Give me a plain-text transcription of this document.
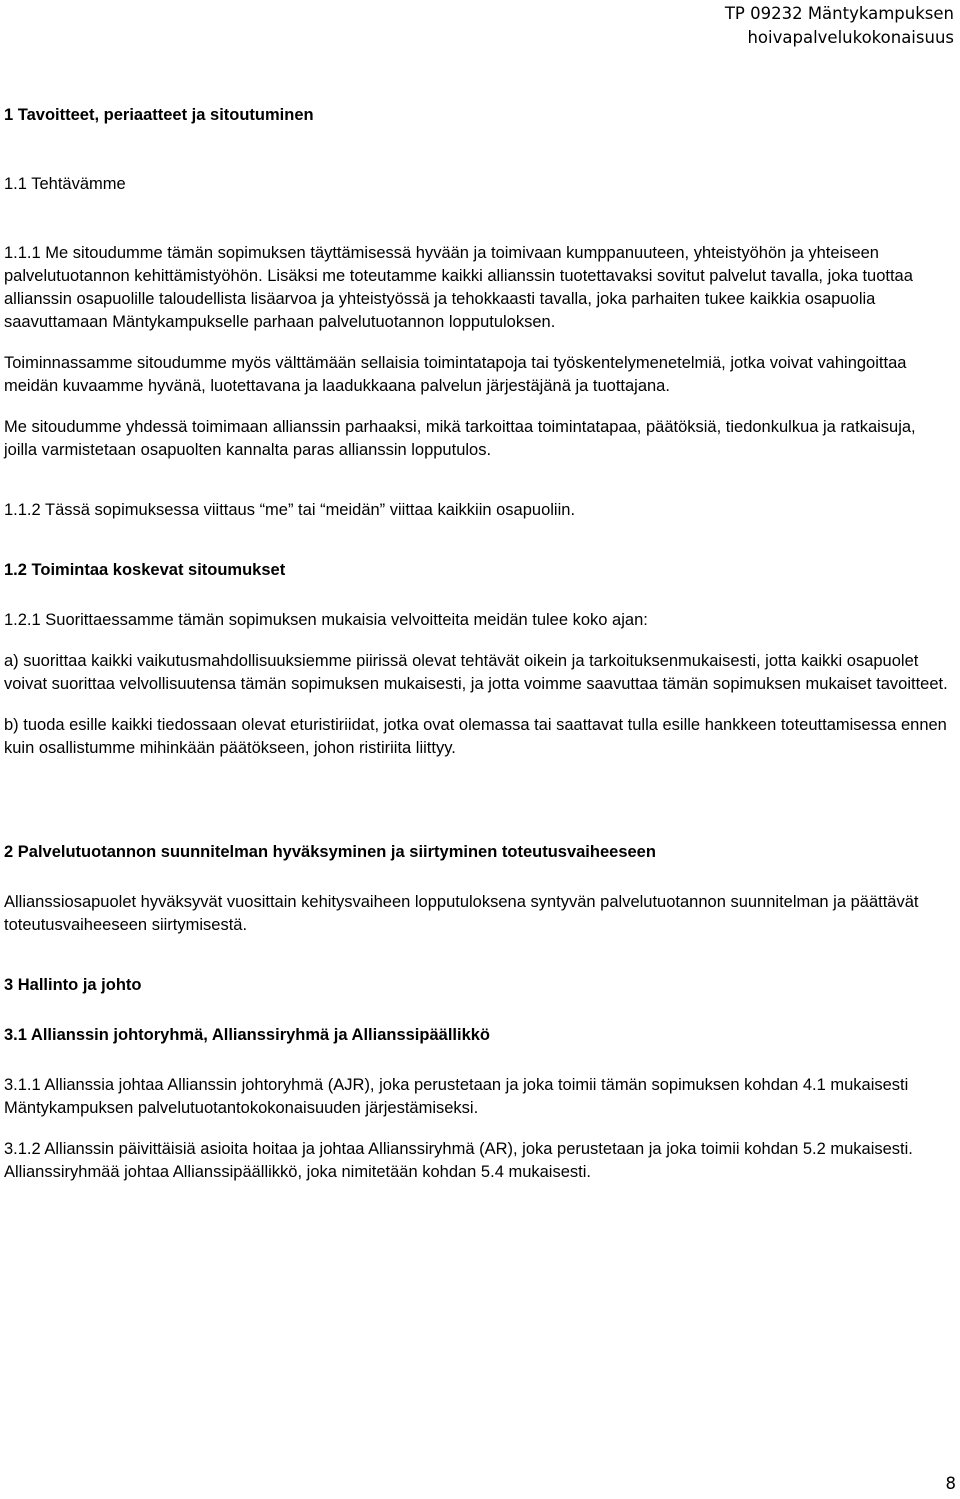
TP 09232 Mäntykampuksen
hoivapalvelukokonaisuus

1 Tavoitteet, periaatteet ja sitoutuminen

1.1 Tehtävämme

1.1.1 Me sitoudumme tämän sopimuksen täyttämisessä hyvään ja toimivaan kumppanuuteen, yhteistyöhön ja yhteiseen palvelutuotannon kehittämistyöhön. Lisäksi me toteutamme kaikki allianssin tuotettavaksi sovitut palvelut tavalla, joka tuottaa allianssin osapuolille taloudellista lisäarvoa ja yhteistyössä ja tehokkaasti tavalla, joka parhaiten tukee kaikkia osapuolia saavuttamaan Mäntykampukselle parhaan palvelutuotannon lopputuloksen.

Toiminnassamme sitoudumme myös välttämään sellaisia toimintatapoja tai työskentelymenetelmiä, jotka voivat vahingoittaa meidän kuvaamme hyvänä, luotettavana ja laadukkaana palvelun järjestäjänä ja tuottajana.

Me sitoudumme yhdessä toimimaan allianssin parhaaksi, mikä tarkoittaa toimintatapaa, päätöksiä, tiedonkulkua ja ratkaisuja, joilla varmistetaan osapuolten kannalta paras allianssin lopputulos.

1.1.2 Tässä sopimuksessa viittaus “me” tai “meidän” viittaa kaikkiin osapuoliin.

1.2 Toimintaa koskevat sitoumukset

1.2.1 Suorittaessamme tämän sopimuksen mukaisia velvoitteita meidän tulee koko ajan:

a) suorittaa kaikki vaikutusmahdollisuuksiemme piirissä olevat tehtävät oikein ja tarkoituksenmukaisesti, jotta kaikki osapuolet voivat suorittaa velvollisuutensa tämän sopimuksen mukaisesti, ja jotta voimme saavuttaa tämän sopimuksen mukaiset tavoitteet.

b) tuoda esille kaikki tiedossaan olevat eturistiriidat, jotka ovat olemassa tai saattavat tulla esille hankkeen toteuttamisessa ennen kuin osallistumme mihinkään päätökseen, johon ristiriita liittyy.

2 Palvelutuotannon suunnitelman hyväksyminen ja siirtyminen toteutusvaiheeseen

Allianssiosapuolet hyväksyvät vuosittain kehitysvaiheen lopputuloksena syntyvän palvelutuotannon suunnitelman ja päättävät toteutusvaiheeseen siirtymisestä.

3 Hallinto ja johto

3.1 Allianssin johtoryhmä, Allianssiryhmä ja Allianssipäällikkö

3.1.1 Allianssia johtaa Allianssin johtoryhmä (AJR), joka perustetaan ja joka toimii tämän sopimuksen kohdan 4.1 mukaisesti Mäntykampuksen palvelutuotantokokonaisuuden järjestämiseksi.

3.1.2 Allianssin päivittäisiä asioita hoitaa ja johtaa Allianssiryhmä (AR), joka perustetaan ja joka toimii kohdan 5.2 mukaisesti. Allianssiryhmää johtaa Allianssipäällikkö, joka nimitetään kohdan 5.4 mukaisesti.

8
